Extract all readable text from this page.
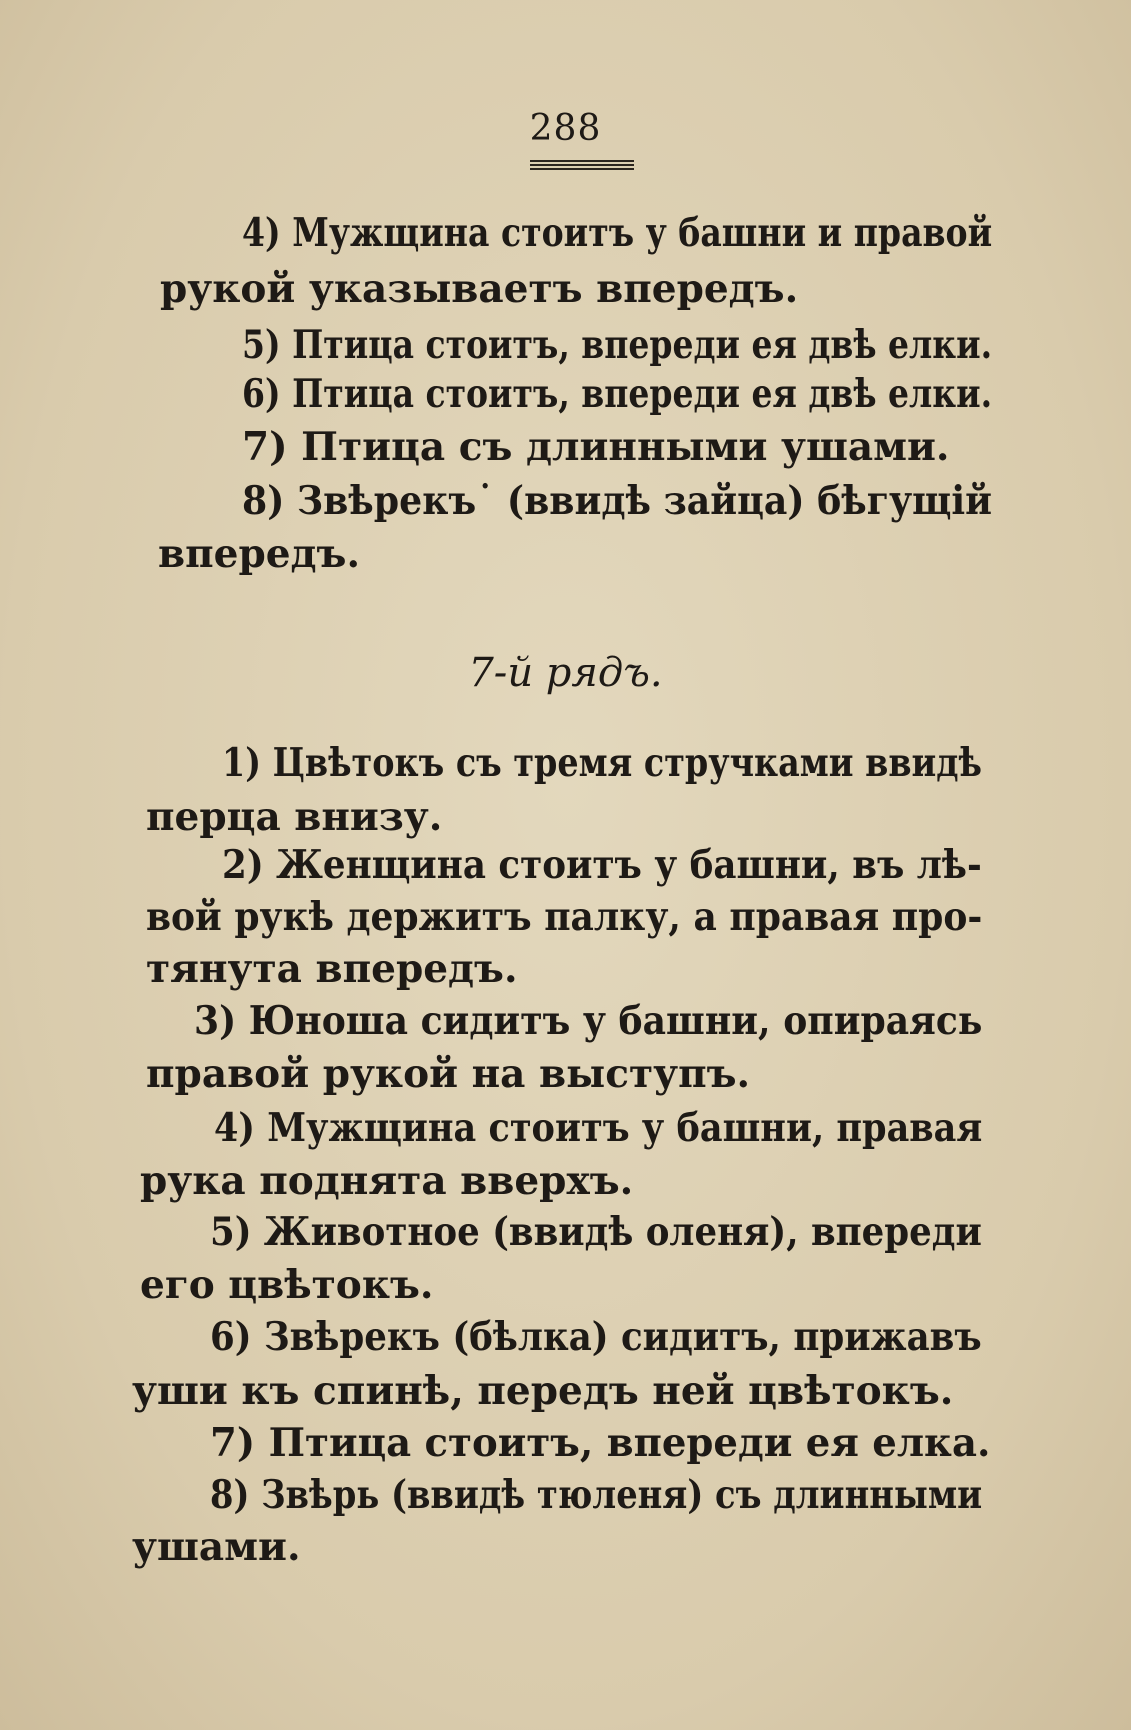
288
4) Мужщина стоитъ у башни и правой
рукой указываетъ впередъ.
5) Птица стоитъ, впереди ея двѣ елки.
6) Птица стоитъ, впереди ея двѣ елки.
7) Птица съ длинными ушами.
8) Звѣрекъ˙ (ввидѣ зайца) бѣгущій
впередъ.
7-й рядъ.
1) Цвѣтокъ съ тремя стручками ввидѣ
перца внизу.
2) Женщина стоитъ у башни, въ лѣ-
вой рукѣ держитъ палку, а правая про-
тянута впередъ.
3) Юноша сидитъ у башни, опираясь
правой рукой на выступъ.
4) Мужщина стоитъ у башни, правая
рука поднята вверхъ.
5) Животное (ввидѣ оленя), впереди
его цвѣтокъ.
6) Звѣрекъ (бѣлка) сидитъ, прижавъ
уши къ спинѣ, передъ ней цвѣтокъ.
7) Птица стоитъ, впереди ея елка.
8) Звѣрь (ввидѣ тюленя) съ длинными
ушами.
